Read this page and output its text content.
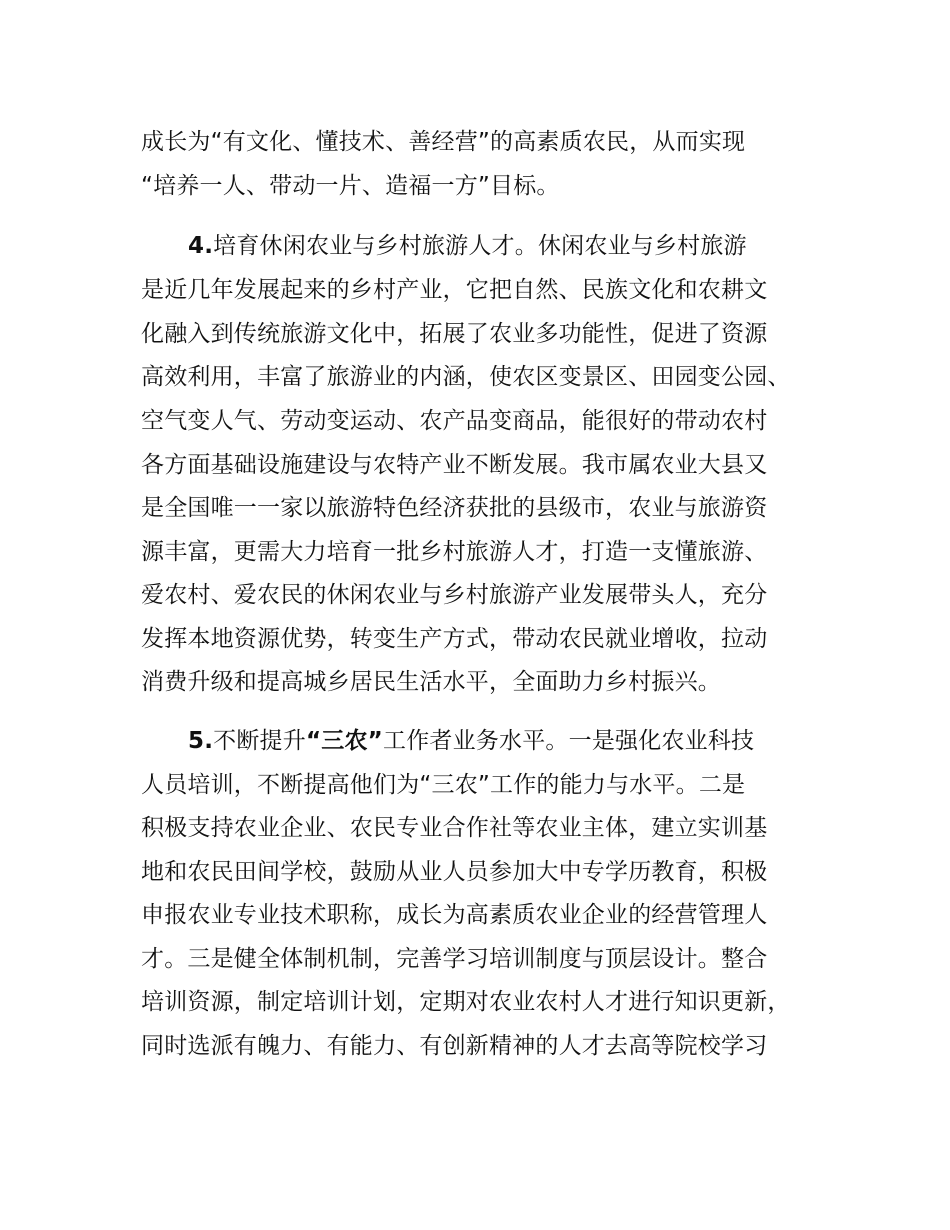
成长为“有文化、懂技术、善经营”的高素质农民，从而实现
“培养一人、带动一片、造福一方”目标。
4.培育休闲农业与乡村旅游人才。休闲农业与乡村旅游
是近几年发展起来的乡村产业，它把自然、民族文化和农耕文
化融入到传统旅游文化中，拓展了农业多功能性，促进了资源
高效利用，丰富了旅游业的内涵，使农区变景区、田园变公园、
空气变人气、劳动变运动、农产品变商品，能很好的带动农村
各方面基础设施建设与农特产业不断发展。我市属农业大县又
是全国唯一一家以旅游特色经济获批的县级市，农业与旅游资
源丰富，更需大力培育一批乡村旅游人才，打造一支懂旅游、
爱农村、爱农民的休闲农业与乡村旅游产业发展带头人，充分
发挥本地资源优势，转变生产方式，带动农民就业增收，拉动
消费升级和提高城乡居民生活水平，全面助力乡村振兴。
5.不断提升“三农”工作者业务水平。一是强化农业科技
人员培训，不断提高他们为“三农”工作的能力与水平。二是
积极支持农业企业、农民专业合作社等农业主体，建立实训基
地和农民田间学校，鼓励从业人员参加大中专学历教育，积极
申报农业专业技术职称，成长为高素质农业企业的经营管理人
才。三是健全体制机制，完善学习培训制度与顶层设计。整合
培训资源，制定培训计划，定期对农业农村人才进行知识更新，
同时选派有魄力、有能力、有创新精神的人才去高等院校学习
